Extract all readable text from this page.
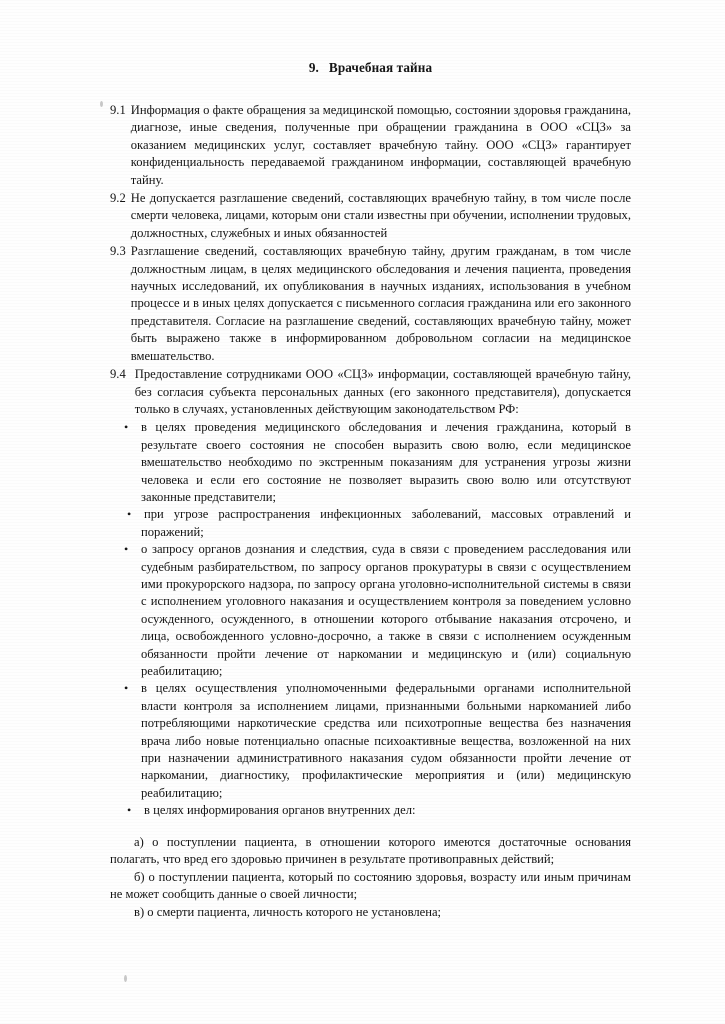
9. Врачебная тайна
9.1 Информация о факте обращения за медицинской помощью, состоянии здоровья гражданина, диагнозе, иные сведения, полученные при обращении гражданина в ООО «СЦЗ» за оказанием медицинских услуг, составляет врачебную тайну. ООО «СЦЗ» гарантирует конфиденциальность передаваемой гражданином информации, составляющей врачебную тайну.
9.2 Не допускается разглашение сведений, составляющих врачебную тайну, в том числе после смерти человека, лицами, которым они стали известны при обучении, исполнении трудовых, должностных, служебных и иных обязанностей
9.3 Разглашение сведений, составляющих врачебную тайну, другим гражданам, в том числе должностным лицам, в целях медицинского обследования и лечения пациента, проведения научных исследований, их опубликования в научных изданиях, использования в учебном процессе и в иных целях допускается с письменного согласия гражданина или его законного представителя. Согласие на разглашение сведений, составляющих врачебную тайну, может быть выражено также в информированном добровольном согласии на медицинское вмешательство.
9.4 Предоставление сотрудниками ООО «СЦЗ» информации, составляющей врачебную тайну, без согласия субъекта персональных данных (его законного представителя), допускается только в случаях, установленных действующим законодательством РФ:
• в целях проведения медицинского обследования и лечения гражданина, который в результате своего состояния не способен выразить свою волю, если медицинское вмешательство необходимо по экстренным показаниям для устранения угрозы жизни человека и если его состояние не позволяет выразить свою волю или отсутствуют законные представители;
• при угрозе распространения инфекционных заболеваний, массовых отравлений и поражений;
• о запросу органов дознания и следствия, суда в связи с проведением расследования или судебным разбирательством, по запросу органов прокуратуры в связи с осуществлением ими прокурорского надзора, по запросу органа уголовно-исполнительной системы в связи с исполнением уголовного наказания и осуществлением контроля за поведением условно осужденного, осужденного, в отношении которого отбывание наказания отсрочено, и лица, освобожденного условно-досрочно, а также в связи с исполнением осужденным обязанности пройти лечение от наркомании и медицинскую и (или) социальную реабилитацию;
• в целях осуществления уполномоченными федеральными органами исполнительной власти контроля за исполнением лицами, признанными больными наркоманией либо потребляющими наркотические средства или психотропные вещества без назначения врача либо новые потенциально опасные психоактивные вещества, возложенной на них при назначении административного наказания судом обязанности пройти лечение от наркомании, диагностику, профилактические мероприятия и (или) медицинскую реабилитацию;
• в целях информирования органов внутренних дел:

а) о поступлении пациента, в отношении которого имеются достаточные основания полагать, что вред его здоровью причинен в результате противоправных действий;

б) о поступлении пациента, который по состоянию здоровья, возрасту или иным причинам не может сообщить данные о своей личности;

в) о смерти пациента, личность которого не установлена;
